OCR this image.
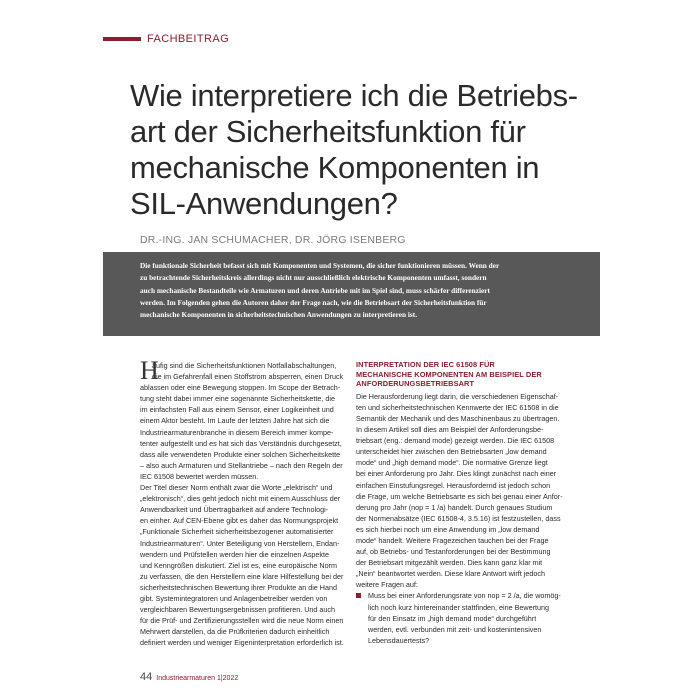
FACHBEITRAG
Wie interpretiere ich die Betriebs-
art der Sicherheitsfunktion für
mechanische Komponenten in
SIL-Anwendungen?
DR.-ING. JAN SCHUMACHER, DR. JÖRG ISENBERG

Die funktionale Sicherheit befasst sich mit Komponenten und Systemen, die sicher funktionieren müssen. Wenn der
zu betrachtende Sicherheitskreis allerdings nicht nur ausschließlich elektrische Komponenten umfasst, sondern
auch mechanische Bestandteile wie Armaturen und deren Antriebe mit im Spiel sind, muss schärfer differenziert
werden. Im Folgenden gehen die Autoren daher der Frage nach, wie die Betriebsart der Sicherheitsfunktion für
mechanische Komponenten in sicherheitstechnischen Anwendungen zu interpretieren ist.

H
äufig sind die Sicherheitsfunktionen Notfallabschaltungen,
die im Gefahrenfall einen Stoffstrom absperren, einen Druck
ablassen oder eine Bewegung stoppen. Im Scope der Betrach-
tung steht dabei immer eine sogenannte Sicherheitskette, die
im einfachsten Fall aus einem Sensor, einer Logikeinheit und
einem Aktor besteht. Im Laufe der letzten Jahre hat sich die
Industriearmaturenbranche in diesem Bereich immer kompe-
tenter aufgestellt und es hat sich das Verständnis durchgesetzt,
dass alle verwendeten Produkte einer solchen Sicherheitskette
– also auch Armaturen und Stellantriebe – nach den Regeln der
IEC 61508 bewertet werden müssen.
Der Titel dieser Norm enthält zwar die Worte „elektrisch“ und
„elektronisch“, dies geht jedoch nicht mit einem Ausschluss der
Anwendbarkeit und Übertragbarkeit auf andere Technologi-
en einher. Auf CEN-Ebene gibt es daher das Normungsprojekt
„Funktionale Sicherheit sicherheitsbezogener automatisierter
Industriearmaturen“. Unter Beteiligung von Herstellern, Endan-
wendern und Prüfstellen werden hier die einzelnen Aspekte
und Kenngrößen diskutiert. Ziel ist es, eine europäische Norm
zu verfassen, die den Herstellern eine klare Hilfestellung bei der
sicherheitstechnischen Bewertung ihrer Produkte an die Hand
gibt. Systemintegratoren und Anlagenbetreiber werden von
vergleichbaren Bewertungsergebnissen profitieren. Und auch
für die Prüf- und Zertifizierungsstellen wird die neue Norm einen
Mehrwert darstellen, da die Prüfkriterien dadurch einheitlich
definiert werden und weniger Eigeninterpretation erforderlich ist.
INTERPRETATION DER IEC 61508 FÜR
MECHANISCHE KOMPONENTEN AM BEISPIEL DER
ANFORDERUNGSBETRIEBSART
Die Herausforderung liegt darin, die verschiedenen Eigenschaf-
ten und sicherheitstechnischen Kennwerte der IEC 61508 in die
Semantik der Mechanik und des Maschinenbaus zu übertragen.
In diesem Artikel soll dies am Beispiel der Anforderungsbe-
triebsart (eng.: demand mode) gezeigt werden. Die IEC 61508
unterscheidet hier zwischen den Betriebsarten „low demand
mode“ und „high demand mode“. Die normative Grenze liegt
bei einer Anforderung pro Jahr. Dies klingt zunächst nach einer
einfachen Einstufungsregel. Herausfordernd ist jedoch schon
die Frage, um welche Betriebsarte es sich bei genau einer Anfor-
derung pro Jahr (nop = 1 /a) handelt. Durch genaues Studium
der Normenabsätze (IEC 61508-4, 3.5.16) ist festzustellen, dass
es sich hierbei noch um eine Anwendung im „low demand
mode“ handelt. Weitere Fragezeichen tauchen bei der Frage
auf, ob Betriebs- und Testanforderungen bei der Bestimmung
der Betriebsart mitgezählt werden. Dies kann ganz klar mit
„Nein“ beantwortet werden. Diese klare Antwort wirft jedoch
weitere Fragen auf:
Muss bei einer Anforderungsrate von nop = 2 /a, die womög-
lich noch kurz hintereinander stattfinden, eine Bewertung
für den Einsatz im „high demand mode“ durchgeführt
werden, evtl. verbunden mit zeit- und kostenintensiven
Lebensdauertests?
44 Industriearmaturen 1|2022
